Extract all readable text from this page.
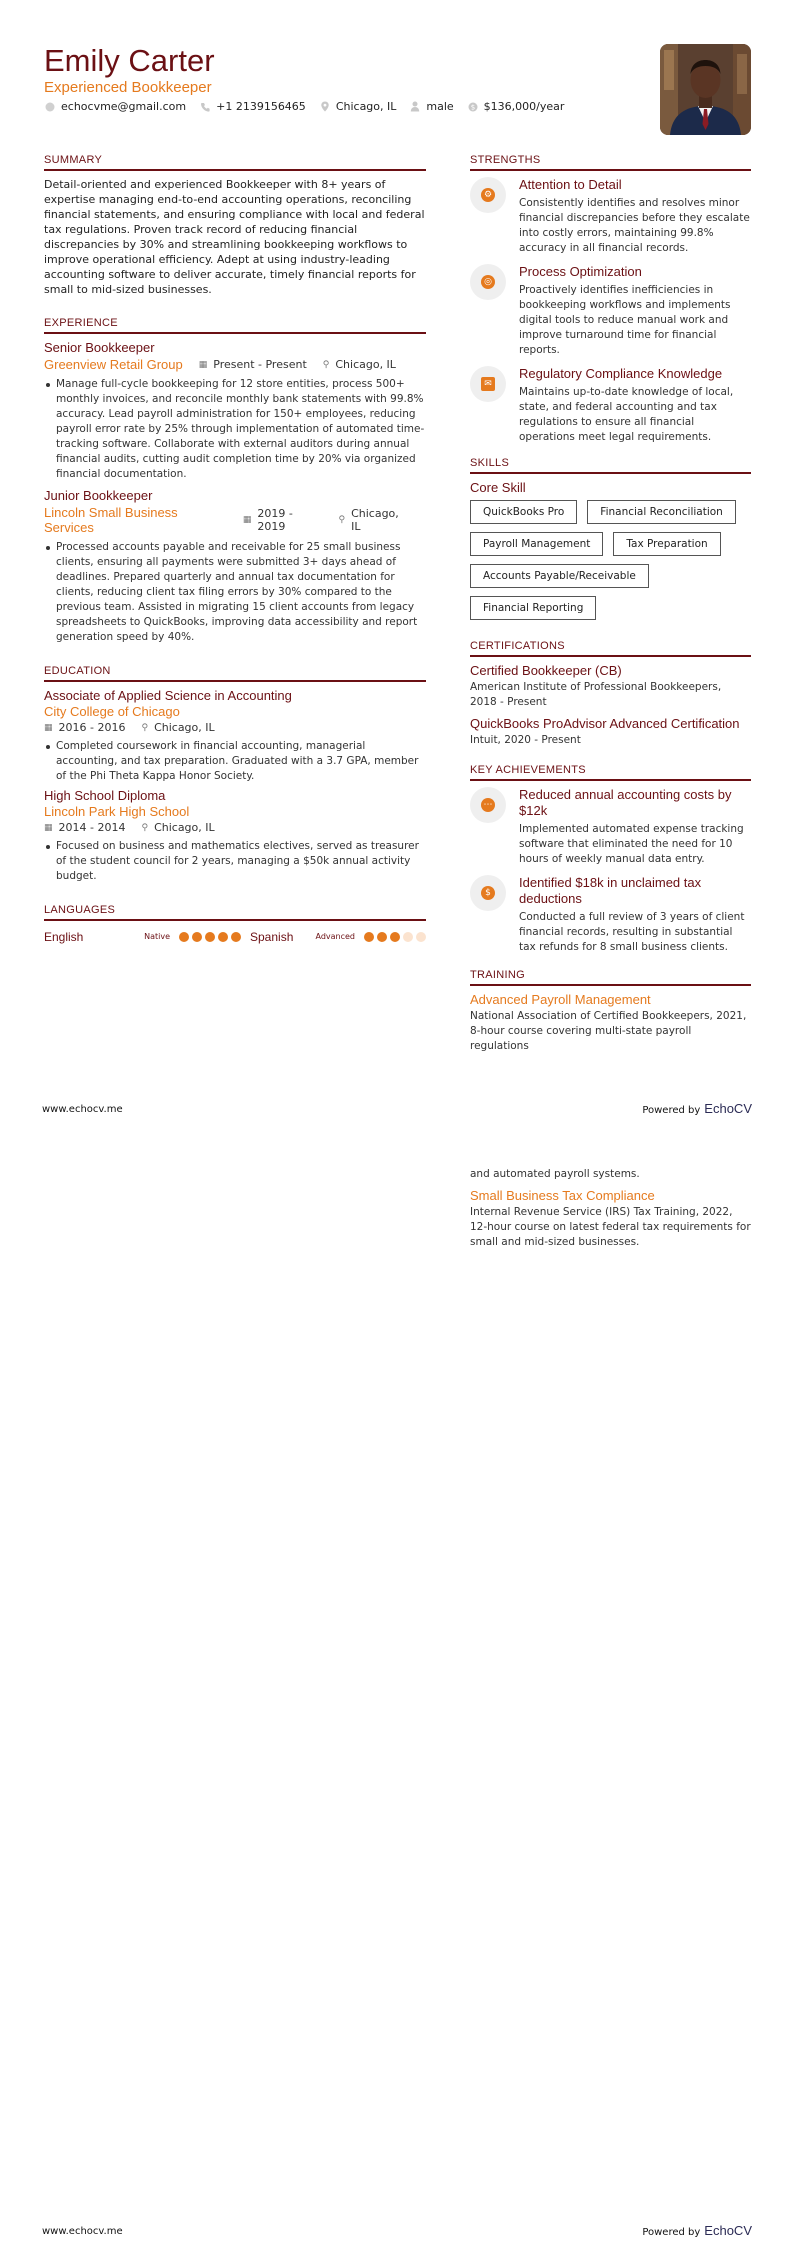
Emily Carter
Experienced Bookkeeper
echocvme@gmail.com	+1 2139156465	Chicago, IL	male $ $136,000/year
SUMMARY
Detail-oriented and experienced Bookkeeper with 8+ years of expertise managing end-to-end accounting operations, reconciling financial statements, and ensuring compliance with local and federal tax regulations. Proven track record of reducing financial discrepancies by 30% and streamlining bookkeeping workflows to improve operational efficiency. Adept at using industry-leading accounting software to deliver accurate, timely financial reports for small to mid-sized businesses.
EXPERIENCE
Senior Bookkeeper
Greenview Retail Group ▦ Present - Present ⚲ Chicago, IL
Manage full-cycle bookkeeping for 12 store entities, process 500+ monthly invoices, and reconcile monthly bank statements with 99.8% accuracy. Lead payroll administration for 150+ employees, reducing payroll error rate by 25% through implementation of automated time-tracking software. Collaborate with external auditors during annual financial audits, cutting audit completion time by 20% via organized financial documentation.
Junior Bookkeeper
Lincoln Small Business Services	▦ 2019 - 2019	⚲ Chicago, IL
Processed accounts payable and receivable for 25 small business clients, ensuring all payments were submitted 3+ days ahead of deadlines. Prepared quarterly and annual tax documentation for clients, reducing client tax filing errors by 30% compared to the previous team. Assisted in migrating 15 client accounts from legacy spreadsheets to QuickBooks, improving data accessibility and report generation speed by 40%.
EDUCATION
Associate of Applied Science in Accounting
City College of Chicago
▦ 2016 - 2016 ⚲ Chicago, IL
Completed coursework in financial accounting, managerial accounting, and tax preparation. Graduated with a 3.7 GPA, member of the Phi Theta Kappa Honor Society.
High School Diploma
Lincoln Park High School
▦ 2014 - 2014 ⚲ Chicago, IL
Focused on business and mathematics electives, served as treasurer of the student council for 2 years, managing a $50k annual activity budget.
LANGUAGES
English	Native	Spanish	Advanced
STRENGTHS
⚙
Attention to Detail
Consistently identifies and resolves minor financial discrepancies before they escalate into costly errors, maintaining 99.8% accuracy in all financial records.
◎
Process Optimization
Proactively identifies inefficiencies in bookkeeping workflows and implements digital tools to reduce manual work and improve turnaround time for financial reports.
✉
Regulatory Compliance Knowledge
Maintains up-to-date knowledge of local, state, and federal accounting and tax regulations to ensure all financial operations meet legal requirements.
SKILLS
Core Skill
QuickBooks Pro	Financial Reconciliation
Payroll Management	Tax Preparation
Accounts Payable/Receivable
Financial Reporting
CERTIFICATIONS
Certified Bookkeeper (CB)
American Institute of Professional Bookkeepers, 2018 - Present
QuickBooks ProAdvisor Advanced Certification
Intuit, 2020 - Present
KEY ACHIEVEMENTS
⋯
Reduced annual accounting costs by $12k
Implemented automated expense tracking software that eliminated the need for 10 hours of weekly manual data entry.
$
Identified $18k in unclaimed tax deductions
Conducted a full review of 3 years of client financial records, resulting in substantial tax refunds for 8 small business clients.
TRAINING
Advanced Payroll Management
National Association of Certified Bookkeepers, 2021, 8-hour course covering multi-state payroll regulations
www.echocv.me	Powered by EchoCV
and automated payroll systems.
Small Business Tax Compliance
Internal Revenue Service (IRS) Tax Training, 2022, 12-hour course on latest federal tax requirements for small and mid-sized businesses.
www.echocv.me	Powered by EchoCV
